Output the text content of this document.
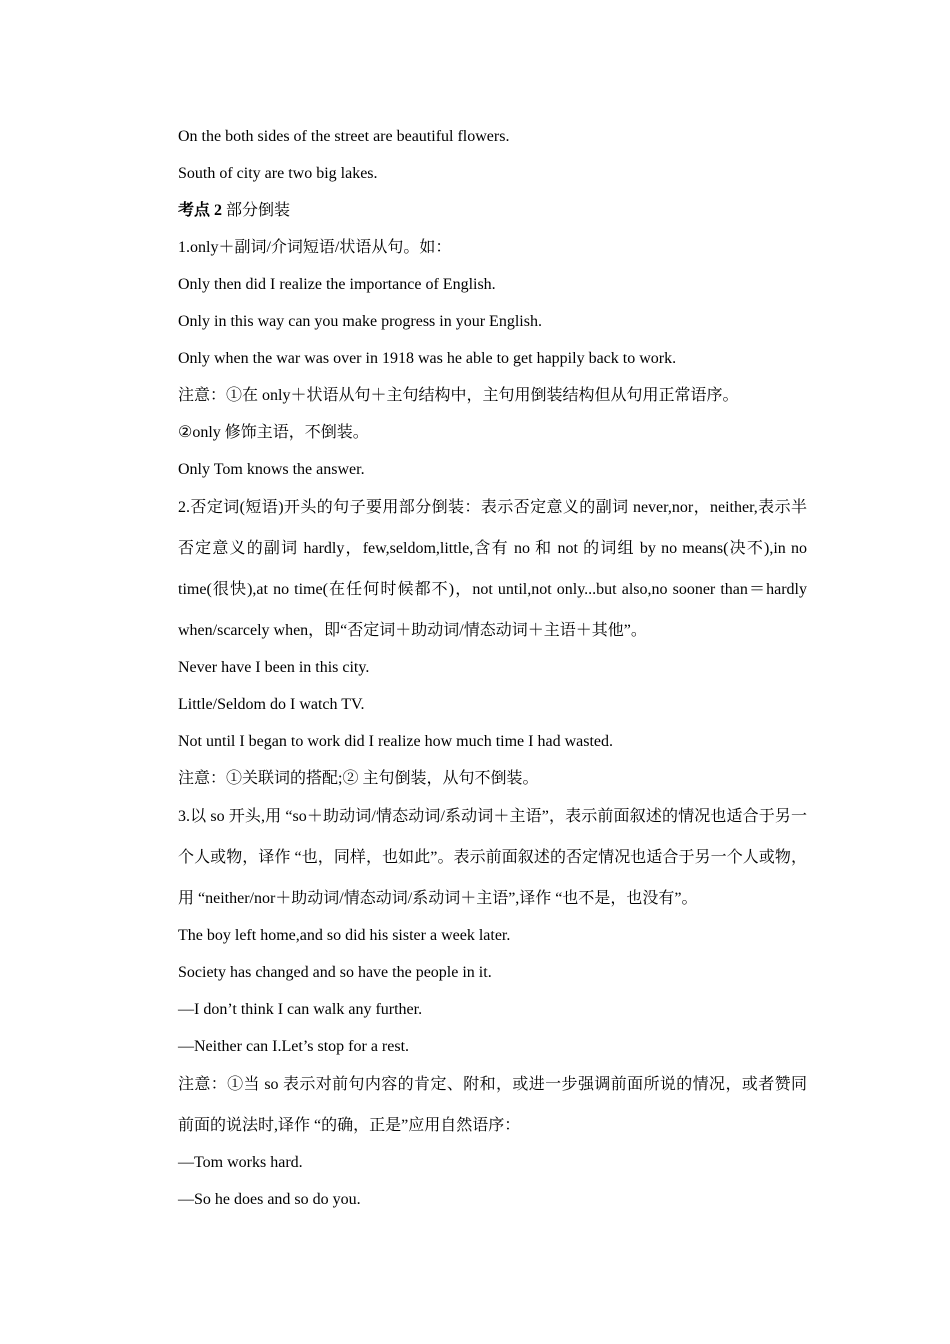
On the both sides of the street are beautiful flowers.
South of city are two big lakes.
考点 2 部分倒装
1.only＋副词/介词短语/状语从句。如：
Only then did I realize the importance of English.
Only in this way can you make progress in your English.
Only when the war was over in 1918 was he able to get happily back to work.
注意：①在 only＋状语从句＋主句结构中，主句用倒装结构但从句用正常语序。
②only 修饰主语，不倒装。
Only Tom knows the answer.
2.否定词(短语)开头的句子要用部分倒装：表示否定意义的副词 never,nor，neither,表示半否定意义的副词 hardly，few,seldom,little,含有 no 和 not 的词组 by no means(决不),in no time(很快),at no time(在任何时候都不)，not until,not only...but also,no sooner than＝hardly when/scarcely when，即“否定词＋助动词/情态动词＋主语＋其他”。
Never have I been in this city.
Little/Seldom do I watch TV.
Not until I began to work did I realize how much time I had wasted.
注意：①关联词的搭配;② 主句倒装，从句不倒装。
3.以 so 开头,用 “so＋助动词/情态动词/系动词＋主语”，表示前面叙述的情况也适合于另一个人或物，译作 “也，同样，也如此”。表示前面叙述的否定情况也适合于另一个人或物，用 “neither/nor＋助动词/情态动词/系动词＋主语”,译作 “也不是，也没有”。
The boy left home,and so did his sister a week later.
Society has changed and so have the people in it.
—I don’t think I can walk any further.
—Neither can I.Let’s stop for a rest.
注意：①当 so 表示对前句内容的肯定、附和，或进一步强调前面所说的情况，或者赞同前面的说法时,译作 “的确，正是”应用自然语序：
—Tom works hard.
—So he does and so do you.
